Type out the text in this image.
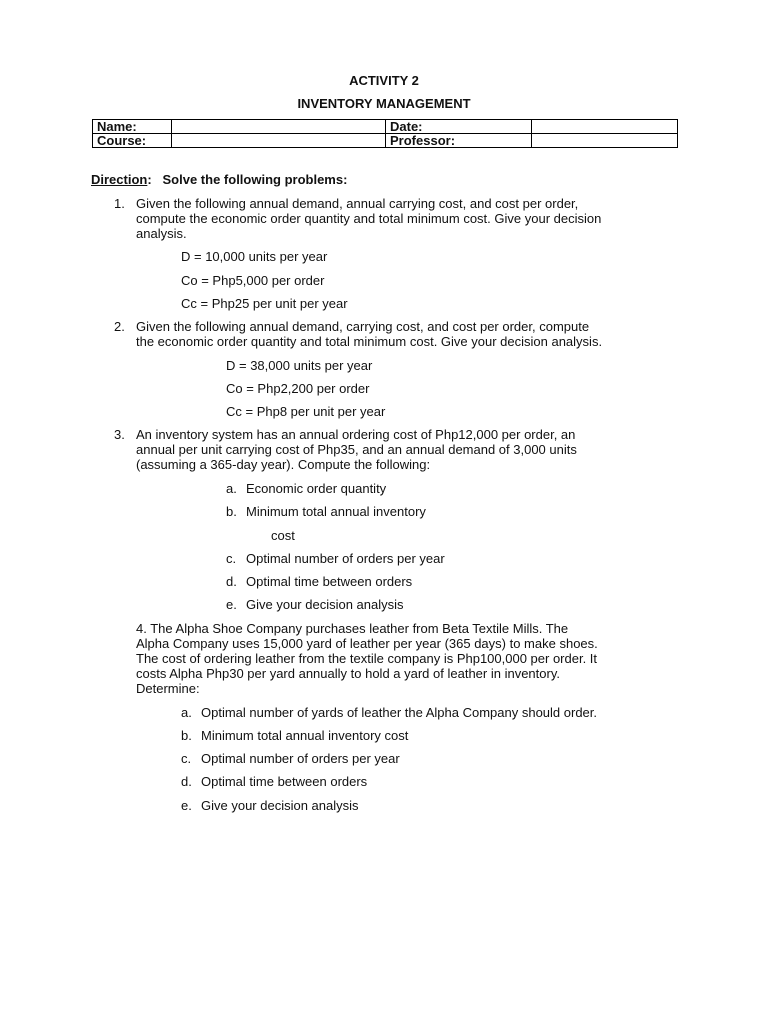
ACTIVITY 2
INVENTORY MANAGEMENT
Name:		Date:	
Course:		Professor:	
Direction:   Solve the following problems:
1. Given the following annual demand, annual carrying cost, and cost per order,
compute the economic order quantity and total minimum cost. Give your decision
analysis.
D = 10,000 units per year
Co = Php5,000 per order
Cc = Php25 per unit per year
2. Given the following annual demand, carrying cost, and cost per order, compute
the economic order quantity and total minimum cost. Give your decision analysis.
D = 38,000 units per year
Co = Php2,200 per order
Cc = Php8 per unit per year
3. An inventory system has an annual ordering cost of Php12,000 per order, an
annual per unit carrying cost of Php35, and an annual demand of 3,000 units
(assuming a 365-day year). Compute the following:
a. Economic order quantity
b. Minimum total annual inventory
cost
c. Optimal number of orders per year
d. Optimal time between orders
e. Give your decision analysis
4. The Alpha Shoe Company purchases leather from Beta Textile Mills. The
Alpha Company uses 15,000 yard of leather per year (365 days) to make shoes.
The cost of ordering leather from the textile company is Php100,000 per order. It
costs Alpha Php30 per yard annually to hold a yard of leather in inventory.
Determine:
a. Optimal number of yards of leather the Alpha Company should order.
b. Minimum total annual inventory cost
c. Optimal number of orders per year
d. Optimal time between orders
e. Give your decision analysis
